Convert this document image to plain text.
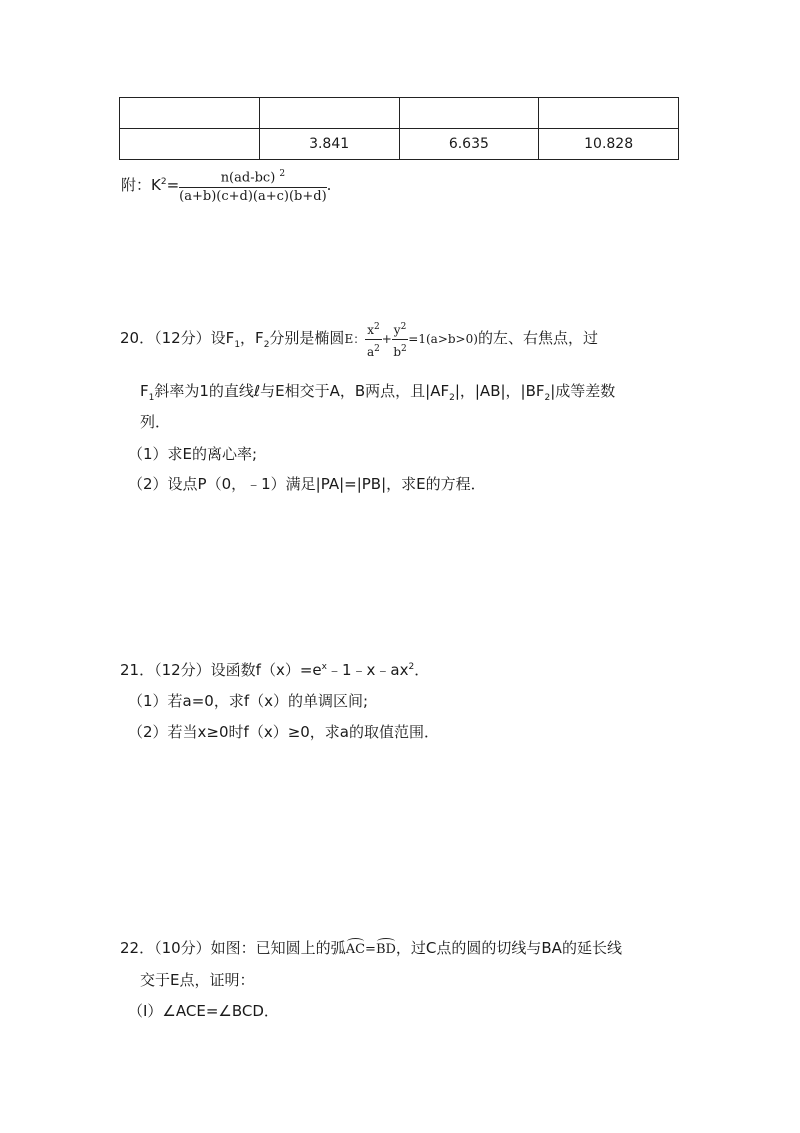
	3.841	6.635	10.828
附：$K^2= \frac{n(ad-bc) ^2}{(a+b)(c+d)(a+c)(b+d)}$ .
20．（12分）设$F_1$，$F_2$分别是椭圆E： $\frac{x^2}{a^2} + \frac{y^2}{b^2} =1(a>b>0)$的左、右焦点，过
$F_1$斜率为1的直线ℓ与E相交于A，B两点，且$|AF_2|$，|AB|，$|BF_2|$成等差数
列．
（1）求E的离心率;
（2）设点P（0，﹣1）满足|PA|=|PB|，求E的方程．
21．（12分）设函数$f(x)=e^x﹣1﹣x﹣ax^2$．
（1）若a=0，求f（x）的单调区间;
（2）若当x≥0时f（x）≥0，求a的取值范围．
22．（10分）如图：已知圆上的弧AC=BD，过C点的圆的切线与BA的延长线
交于E点，证明：
（Ⅰ）∠ACE=∠BCD．
